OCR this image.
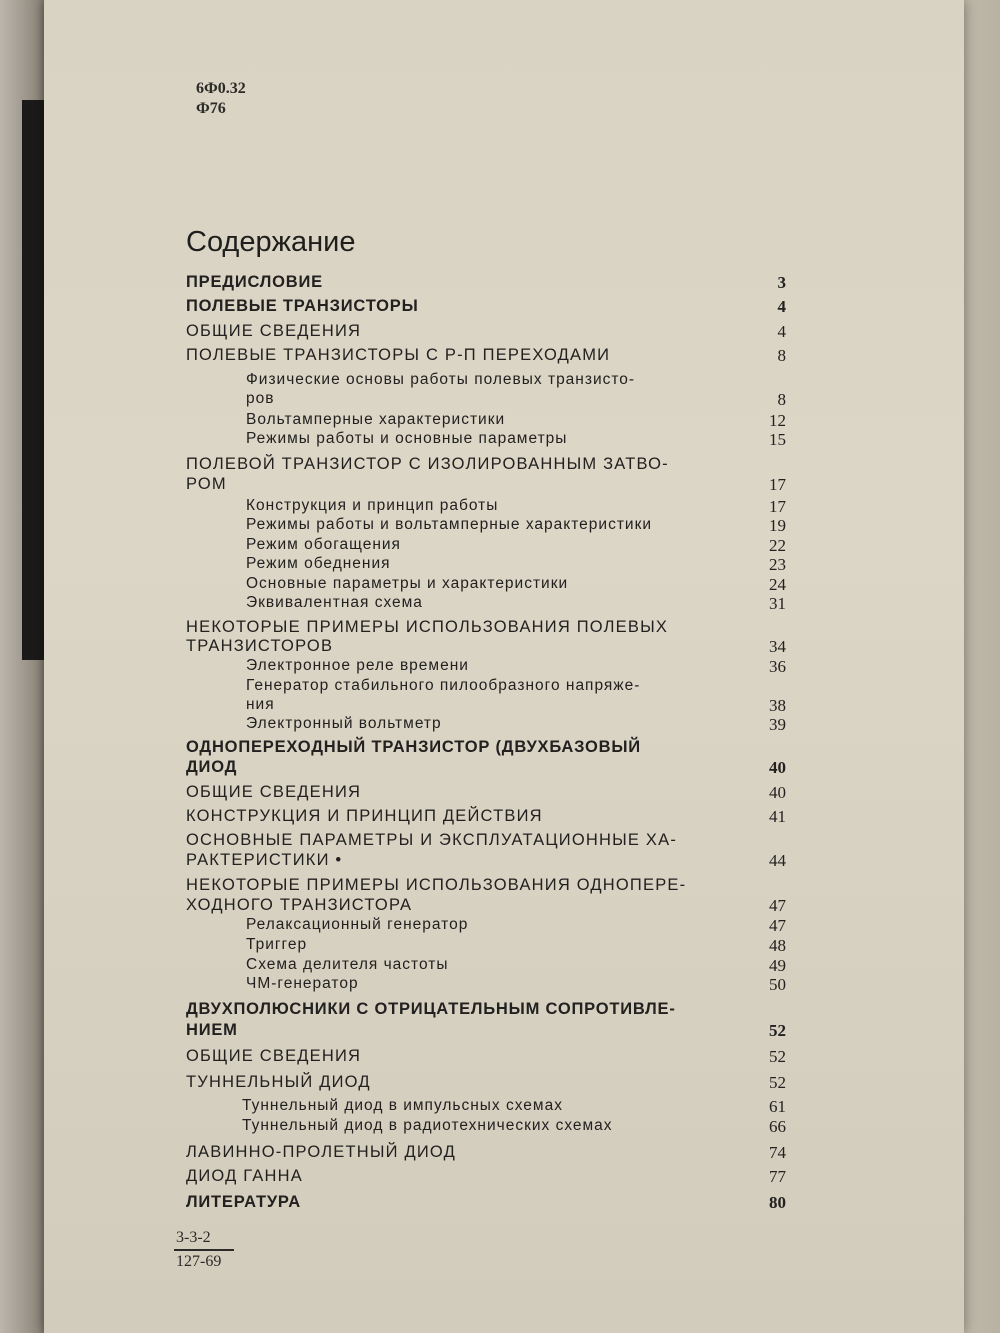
6Ф0.32
Ф76
Содержание
ПРЕДИСЛОВИЕ	3
ПОЛЕВЫЕ ТРАНЗИСТОРЫ	4
ОБЩИЕ СВЕДЕНИЯ	4
ПОЛЕВЫЕ ТРАНЗИСТОРЫ С Р-П ПЕРЕХОДАМИ	8
Физические основы работы полевых транзисто-
ров	8
Вольтамперные характеристики	12
Режимы работы и основные параметры	15
ПОЛЕВОЙ ТРАНЗИСТОР С ИЗОЛИРОВАННЫМ ЗАТВО-
РОМ	17
Конструкция и принцип работы	17
Режимы работы и вольтамперные характеристики	19
Режим обогащения	22
Режим обеднения	23
Основные параметры и характеристики	24
Эквивалентная схема	31
НЕКОТОРЫЕ ПРИМЕРЫ ИСПОЛЬЗОВАНИЯ ПОЛЕВЫХ
ТРАНЗИСТОРОВ	34
Электронное реле времени	36
Генератор стабильного пилообразного напряже-
ния	38
Электронный вольтметр	39
ОДНОПЕРЕХОДНЫЙ ТРАНЗИСТОР (ДВУХБАЗОВЫЙ
ДИОД	40
ОБЩИЕ СВЕДЕНИЯ	40
КОНСТРУКЦИЯ И ПРИНЦИП ДЕЙСТВИЯ	41
ОСНОВНЫЕ ПАРАМЕТРЫ И ЭКСПЛУАТАЦИОННЫЕ ХА-
РАКТЕРИСТИКИ •	44
НЕКОТОРЫЕ ПРИМЕРЫ ИСПОЛЬЗОВАНИЯ ОДНОПЕРЕ-
ХОДНОГО ТРАНЗИСТОРА	47
Релаксационный генератор	47
Триггер	48
Схема делителя частоты	49
ЧМ-генератор	50
ДВУХПОЛЮСНИКИ С ОТРИЦАТЕЛЬНЫМ СОПРОТИВЛЕ-
НИЕМ	52
ОБЩИЕ СВЕДЕНИЯ	52
ТУННЕЛЬНЫЙ ДИОД	52
Туннельный диод в импульсных схемах	61
Туннельный диод в радиотехнических схемах	66
ЛАВИННО-ПРОЛЕТНЫЙ ДИОД	74
ДИОД ГАННА	77
ЛИТЕРАТУРА	80
3-3-2
127-69
